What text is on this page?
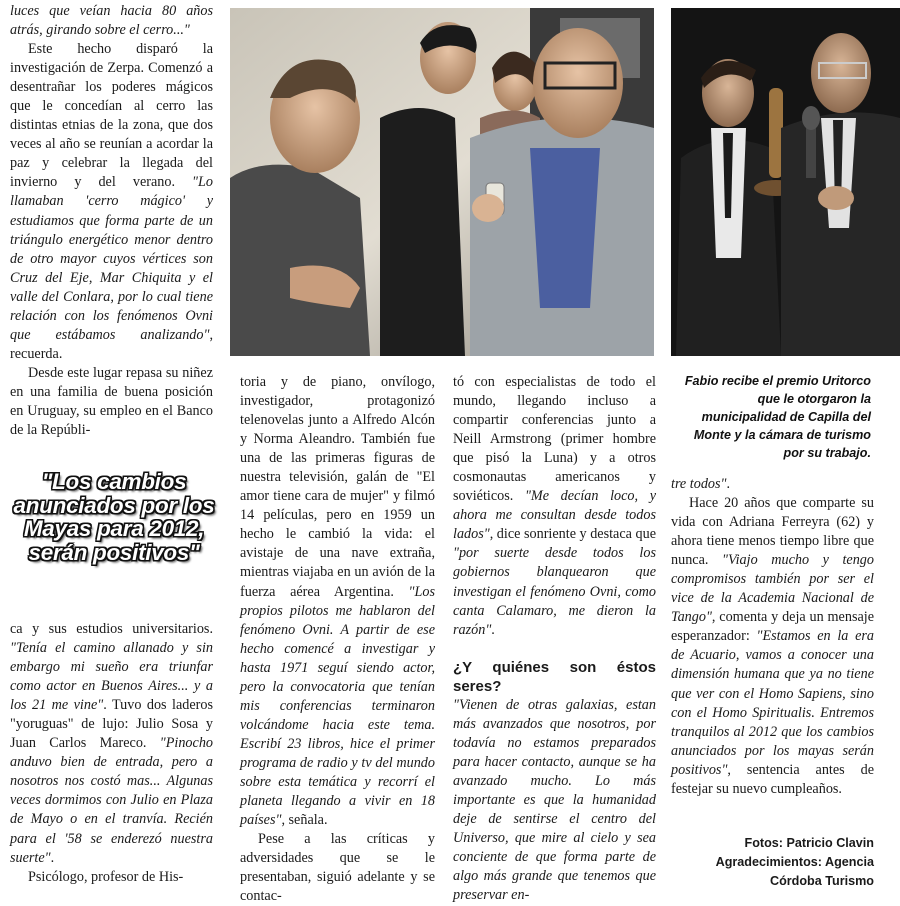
luces que veían hacia 80 años atrás, girando sobre el cerro..."

Este hecho disparó la investigación de Zerpa. Comenzó a desentrañar los poderes mágicos que le concedían al cerro las distintas etnias de la zona, que dos veces al año se reunían a acordar la paz y celebrar la llegada del invierno y del verano. "Lo llamaban 'cerro mágico' y estudiamos que forma parte de un triángulo energético menor dentro de otro mayor cuyos vértices son Cruz del Eje, Mar Chiquita y el valle del Conlara, por lo cual tiene relación con los fenómenos Ovni que estábamos analizando", recuerda.

Desde este lugar repasa su niñez en una familia de buena posición en Uruguay, su empleo en el Banco de la Repúbli-

"Los cambios anunciados por los Mayas para 2012, serán positivos"

ca y sus estudios universitarios. "Tenía el camino allanado y sin embargo mi sueño era triunfar como actor en Buenos Aires... y a los 21 me vine". Tuvo dos laderos "yoruguas" de lujo: Julio Sosa y Juan Carlos Mareco. "Pinocho anduvo bien de entrada, pero a nosotros nos costó mas... Algunas veces dormimos con Julio en Plaza de Mayo o en el tranvía. Recién para el '58 se enderezó nuestra suerte".

Psicólogo, profesor de His-

toria y de piano, onvílogo, investigador, protagonizó telenovelas junto a Alfredo Alcón y Norma Aleandro. También fue una de las primeras figuras de nuestra televisión, galán de "El amor tiene cara de mujer" y filmó 14 películas, pero en 1959 un hecho le cambió la vida: el avistaje de una nave extraña, mientras viajaba en un avión de la fuerza aérea Argentina. "Los propios pilotos me hablaron del fenómeno Ovni. A partir de ese hecho comencé a investigar y hasta 1971 seguí siendo actor, pero la convocatoria que tenían mis conferencias terminaron volcándome hacia este tema. Escribí 23 libros, hice el primer programa de radio y tv del mundo sobre esta temática y recorrí el planeta llegando a vivir en 18 países", señala.

Pese a las críticas y adversidades que se le presentaban, siguió adelante y se contac-

tó con especialistas de todo el mundo, llegando incluso a compartir conferencias junto a Neill Armstrong (primer hombre que pisó la Luna) y a otros cosmonautas americanos y soviéticos. "Me decían loco, y ahora me consultan desde todos lados", dice sonriente y destaca que "por suerte desde todos los gobiernos blanquearon que investigan el fenómeno Ovni, como canta Calamaro, me dieron la razón".

¿Y quiénes son éstos seres?

"Vienen de otras galaxias, estan más avanzados que nosotros, por todavía no estamos preparados para hacer contacto, aunque se ha avanzado mucho. Lo más importante es que la humanidad deje de sentirse el centro del Universo, que mire al cielo y sea conciente de que forma parte de algo más grande que tenemos que preservar en-

Fabio recibe el premio Uritorco que le otorgaron la municipalidad de Capilla del Monte y la cámara de turismo por su trabajo.

tre todos".

Hace 20 años que comparte su vida con Adriana Ferreyra (62) y ahora tiene menos tiempo libre que nunca. "Viajo mucho y tengo compromisos también por ser el vice de la Academia Nacional de Tango", comenta y deja un mensaje esperanzador: "Estamos en la era de Acuario, vamos a conocer una dimensión humana que ya no tiene que ver con el Homo Sapiens, sino con el Homo Spiritualis. Entremos tranquilos al 2012 que los cambios anunciados por los mayas serán positivos", sentencia antes de festejar su nuevo cumpleaños.

Fotos: Patricio Clavin
Agradecimientos: Agencia
Córdoba Turismo
